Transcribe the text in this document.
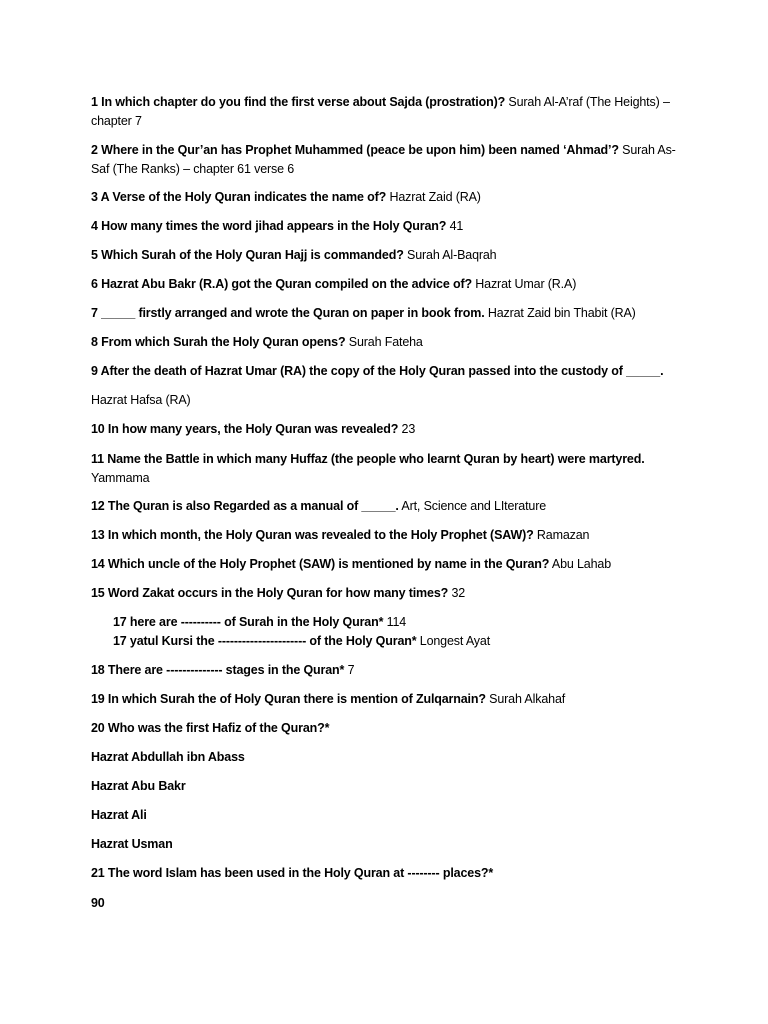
1 In which chapter do you find the first verse about Sajda (prostration)? Surah Al-A’raf (The Heights) – chapter 7
2 Where in the Qur’an has Prophet Muhammed (peace be upon him) been named ‘Ahmad’? Surah As-Saf (The Ranks) – chapter 61 verse 6
3 A Verse of the Holy Quran indicates the name of? Hazrat Zaid (RA)
4 How many times the word jihad appears in the Holy Quran? 41
5 Which Surah of the Holy Quran Hajj is commanded? Surah Al-Baqrah
6 Hazrat Abu Bakr (R.A) got the Quran compiled on the advice of? Hazrat Umar (R.A)
7 _____ firstly arranged and wrote the Quran on paper in book from. Hazrat Zaid bin Thabit (RA)
8 From which Surah the Holy Quran opens? Surah Fateha
9 After the death of Hazrat Umar (RA) the copy of the Holy Quran passed into the custody of _____.
Hazrat Hafsa (RA)
10 In how many years, the Holy Quran was revealed? 23
11 Name the Battle in which many Huffaz (the people who learnt Quran by heart) were martyred. Yammama
12 The Quran is also Regarded as a manual of _____. Art, Science and LIterature
13 In which month, the Holy Quran was revealed to the Holy Prophet (SAW)? Ramazan
14 Which uncle of the Holy Prophet (SAW) is mentioned by name in the Quran? Abu Lahab
15 Word Zakat occurs in the Holy Quran for how many times? 32
17 here are ---------- of Surah in the Holy Quran* 114
17 yatul Kursi the ---------------------- of the Holy Quran* Longest Ayat
18 There are -------------- stages in the Quran* 7
19 In which Surah the of Holy Quran there is mention of Zulqarnain? Surah Alkahaf
20 Who was the first Hafiz of the Quran?*
Hazrat Abdullah ibn Abass
Hazrat Abu Bakr
Hazrat Ali
Hazrat Usman
21 The word Islam has been used in the Holy Quran at -------- places?*
90
